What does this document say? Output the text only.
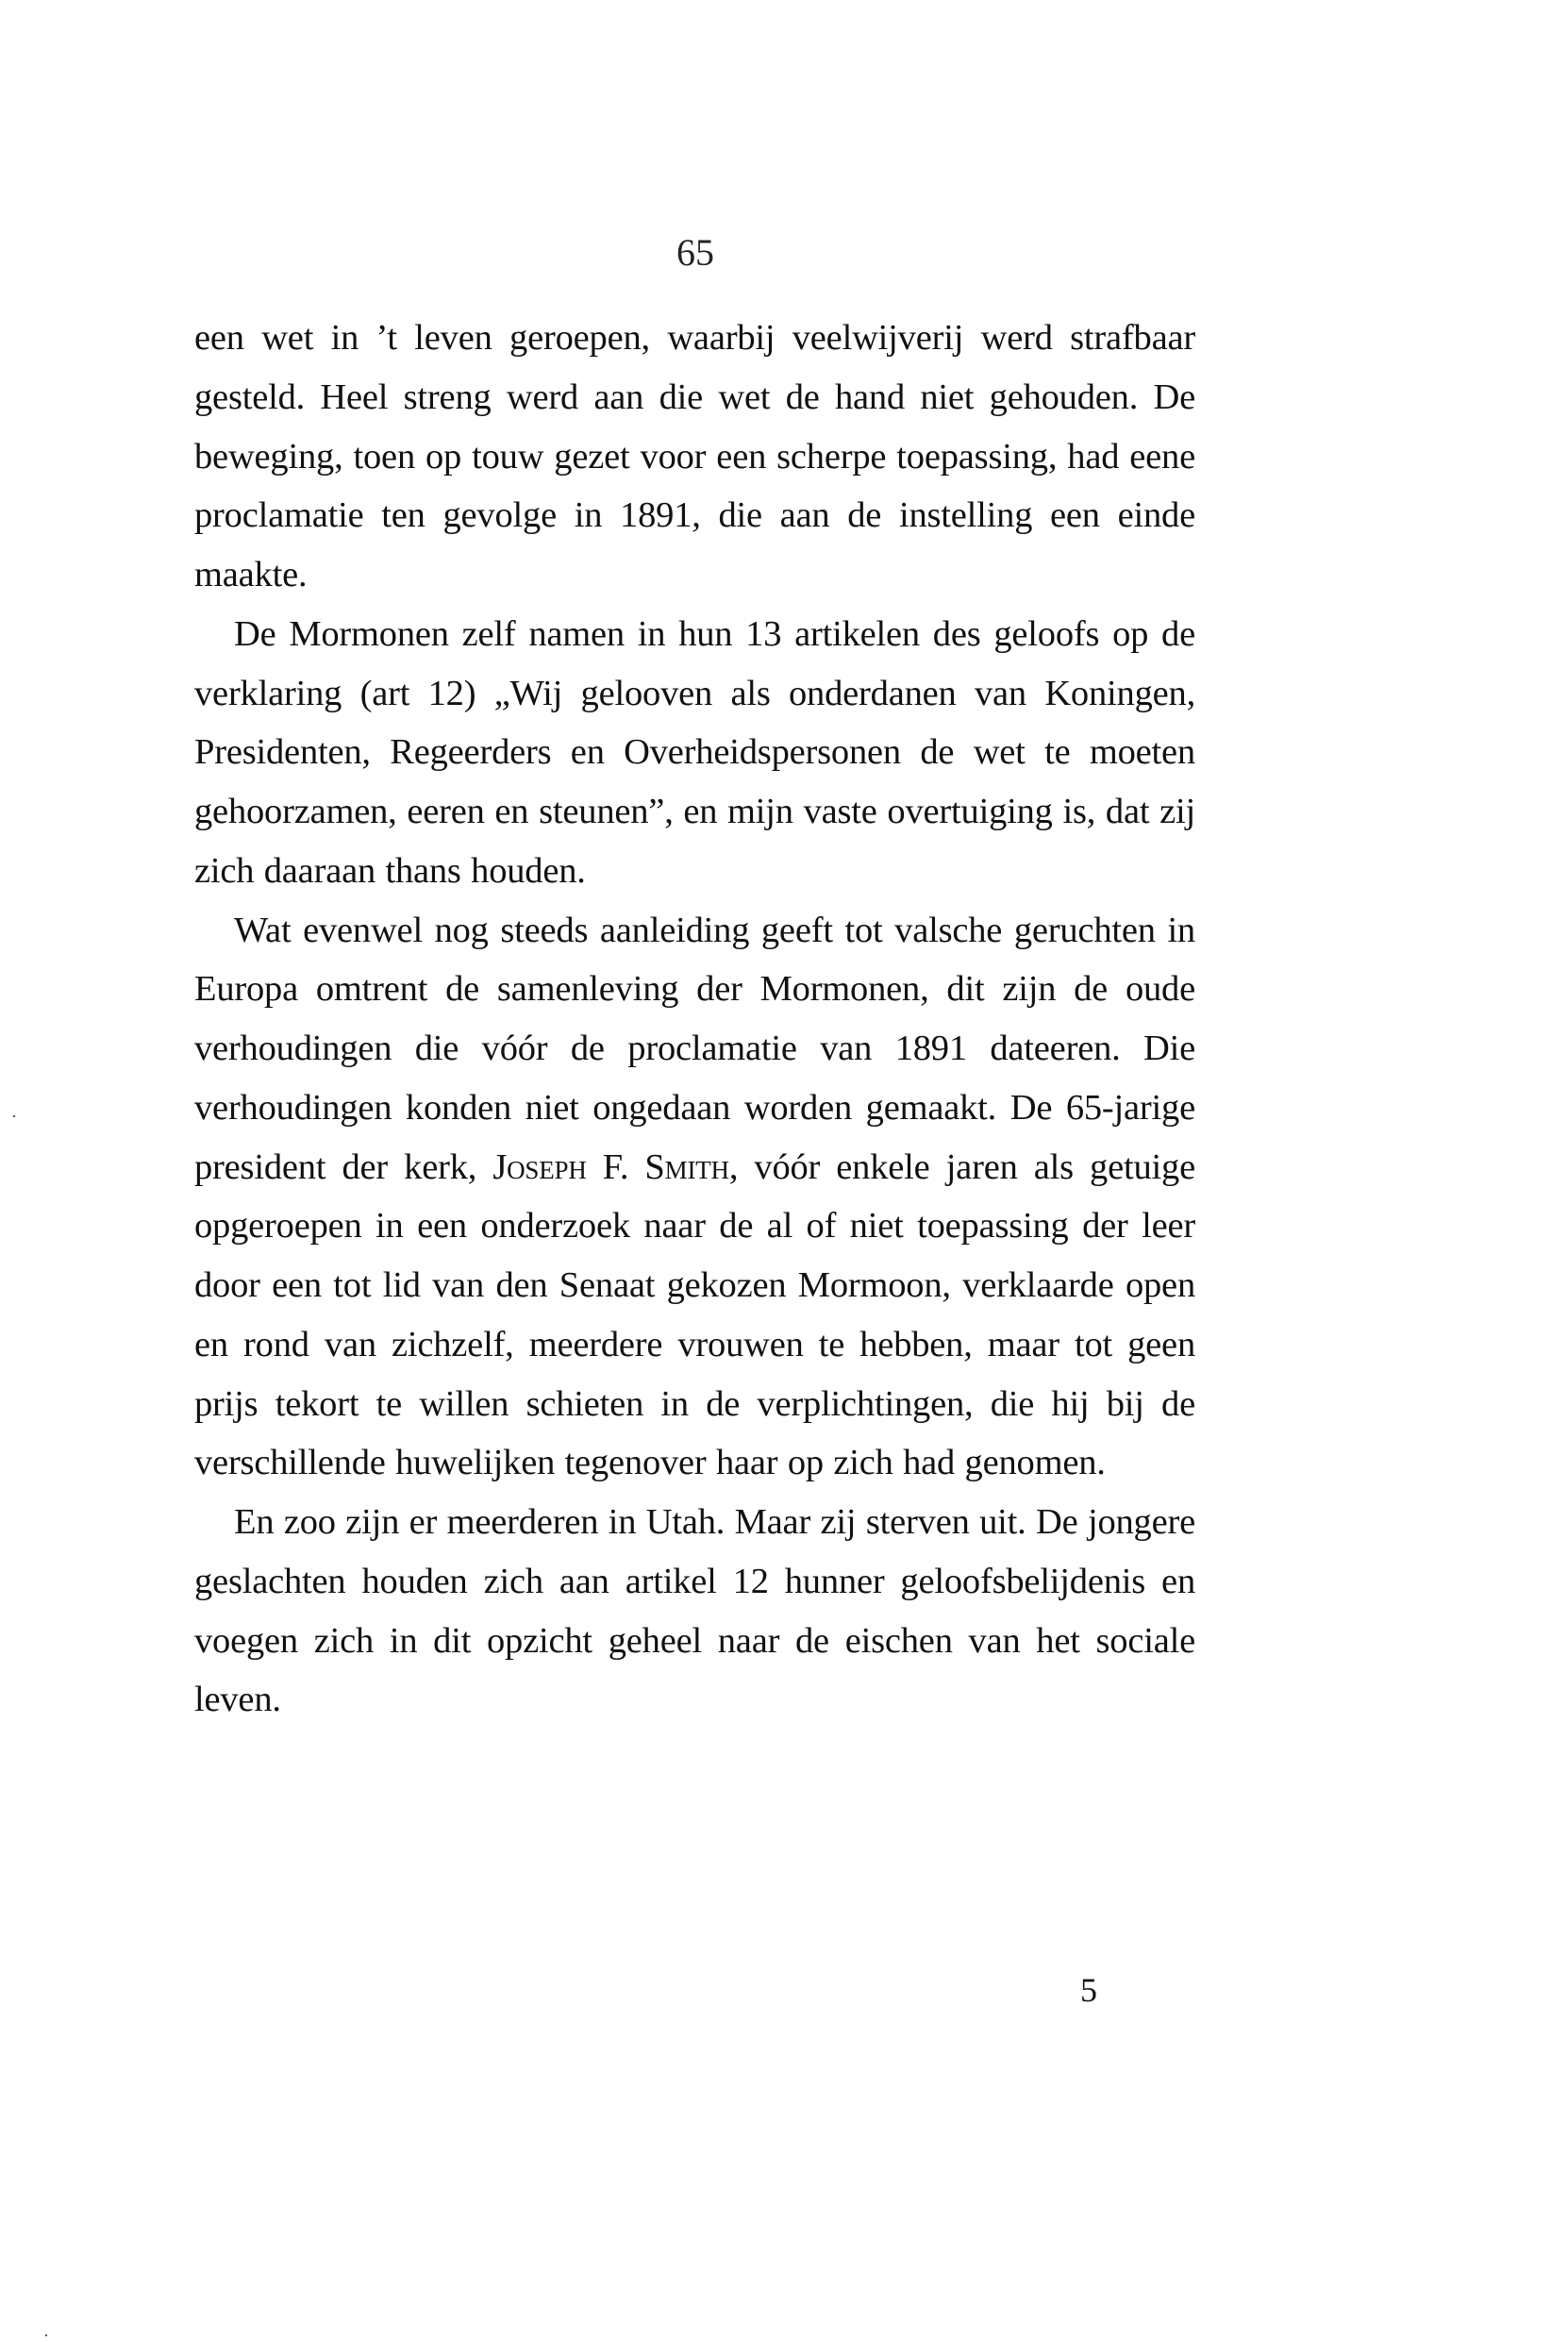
65

een wet in ’t leven geroepen, waarbij veelwijverij werd strafbaar gesteld. Heel streng werd aan die wet de hand niet gehouden. De beweging, toen op touw gezet voor een scherpe toepassing, had eene proclamatie ten gevolge in 1891, die aan de instelling een einde maakte.

De Mormonen zelf namen in hun 13 artikelen des geloofs op de verklaring (art 12) „Wij gelooven als onderdanen van Koningen, Presidenten, Regeerders en Overheidspersonen de wet te moeten gehoorzamen, eeren en steunen”, en mijn vaste overtuiging is, dat zij zich daaraan thans houden.

Wat evenwel nog steeds aanleiding geeft tot valsche geruchten in Europa omtrent de samenleving der Mormonen, dit zijn de oude verhoudingen die vóór de proclamatie van 1891 dateeren. Die verhoudingen konden niet ongedaan worden gemaakt. De 65-jarige president der kerk, Joseph F. Smith, vóór enkele jaren als getuige opgeroepen in een onderzoek naar de al of niet toepassing der leer door een tot lid van den Senaat gekozen Mormoon, verklaarde open en rond van zichzelf, meerdere vrouwen te hebben, maar tot geen prijs tekort te willen schieten in de verplichtingen, die hij bij de verschillende huwelijken tegenover haar op zich had genomen.

En zoo zijn er meerderen in Utah. Maar zij sterven uit. De jongere geslachten houden zich aan artikel 12 hunner geloofsbelijdenis en voegen zich in dit opzicht geheel naar de eischen van het sociale leven.

5
